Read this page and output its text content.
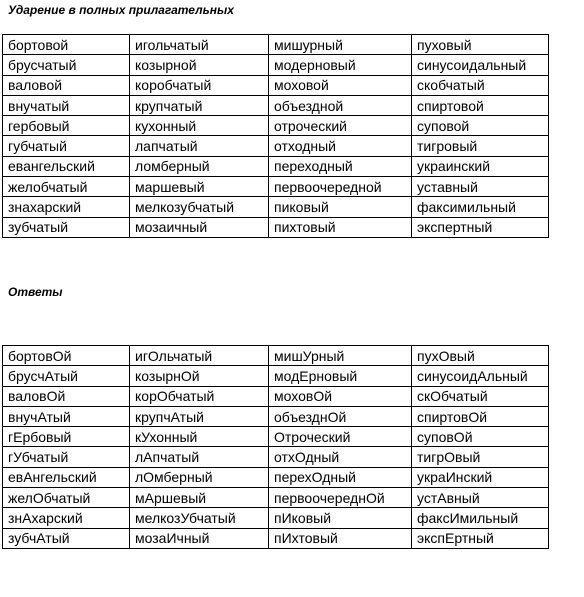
Ударение в полных прилагательных
бортовой	игольчатый	мишурный	пуховый
брусчатый	козырной	модерновый	синусоидальный
валовой	коробчатый	моховой	скобчатый
внучатый	крупчатый	объездной	спиртовой
гербовый	кухонный	отроческий	суповой
губчатый	лапчатый	отходный	тигровый
евангельский	ломберный	переходный	украинский
желобчатый	маршевый	первоочередной	уставный
знахарский	мелкозубчатый	пиковый	факсимильный
зубчатый	мозаичный	пихтовый	экспертный
Ответы
бортовОй	игОльчатый	мишУрный	пухОвый
брусчАтый	козырнОй	модЕрновый	синусоидАльный
валовОй	корОбчатый	моховОй	скОбчатый
внучАтый	крупчАтый	объезднОй	спиртовОй
гЕрбовый	кУхонный	Отроческий	суповОй
гУбчатый	лАпчатый	отхОдный	тигрОвый
евАнгельский	лОмберный	перехОдный	украИнский
желОбчатый	мАршевый	первоочереднОй	устАвный
знАхарский	мелкозУбчатый	пИковый	факсИмильный
зубчАтый	мозаИчный	пИхтовый	экспЕртный
